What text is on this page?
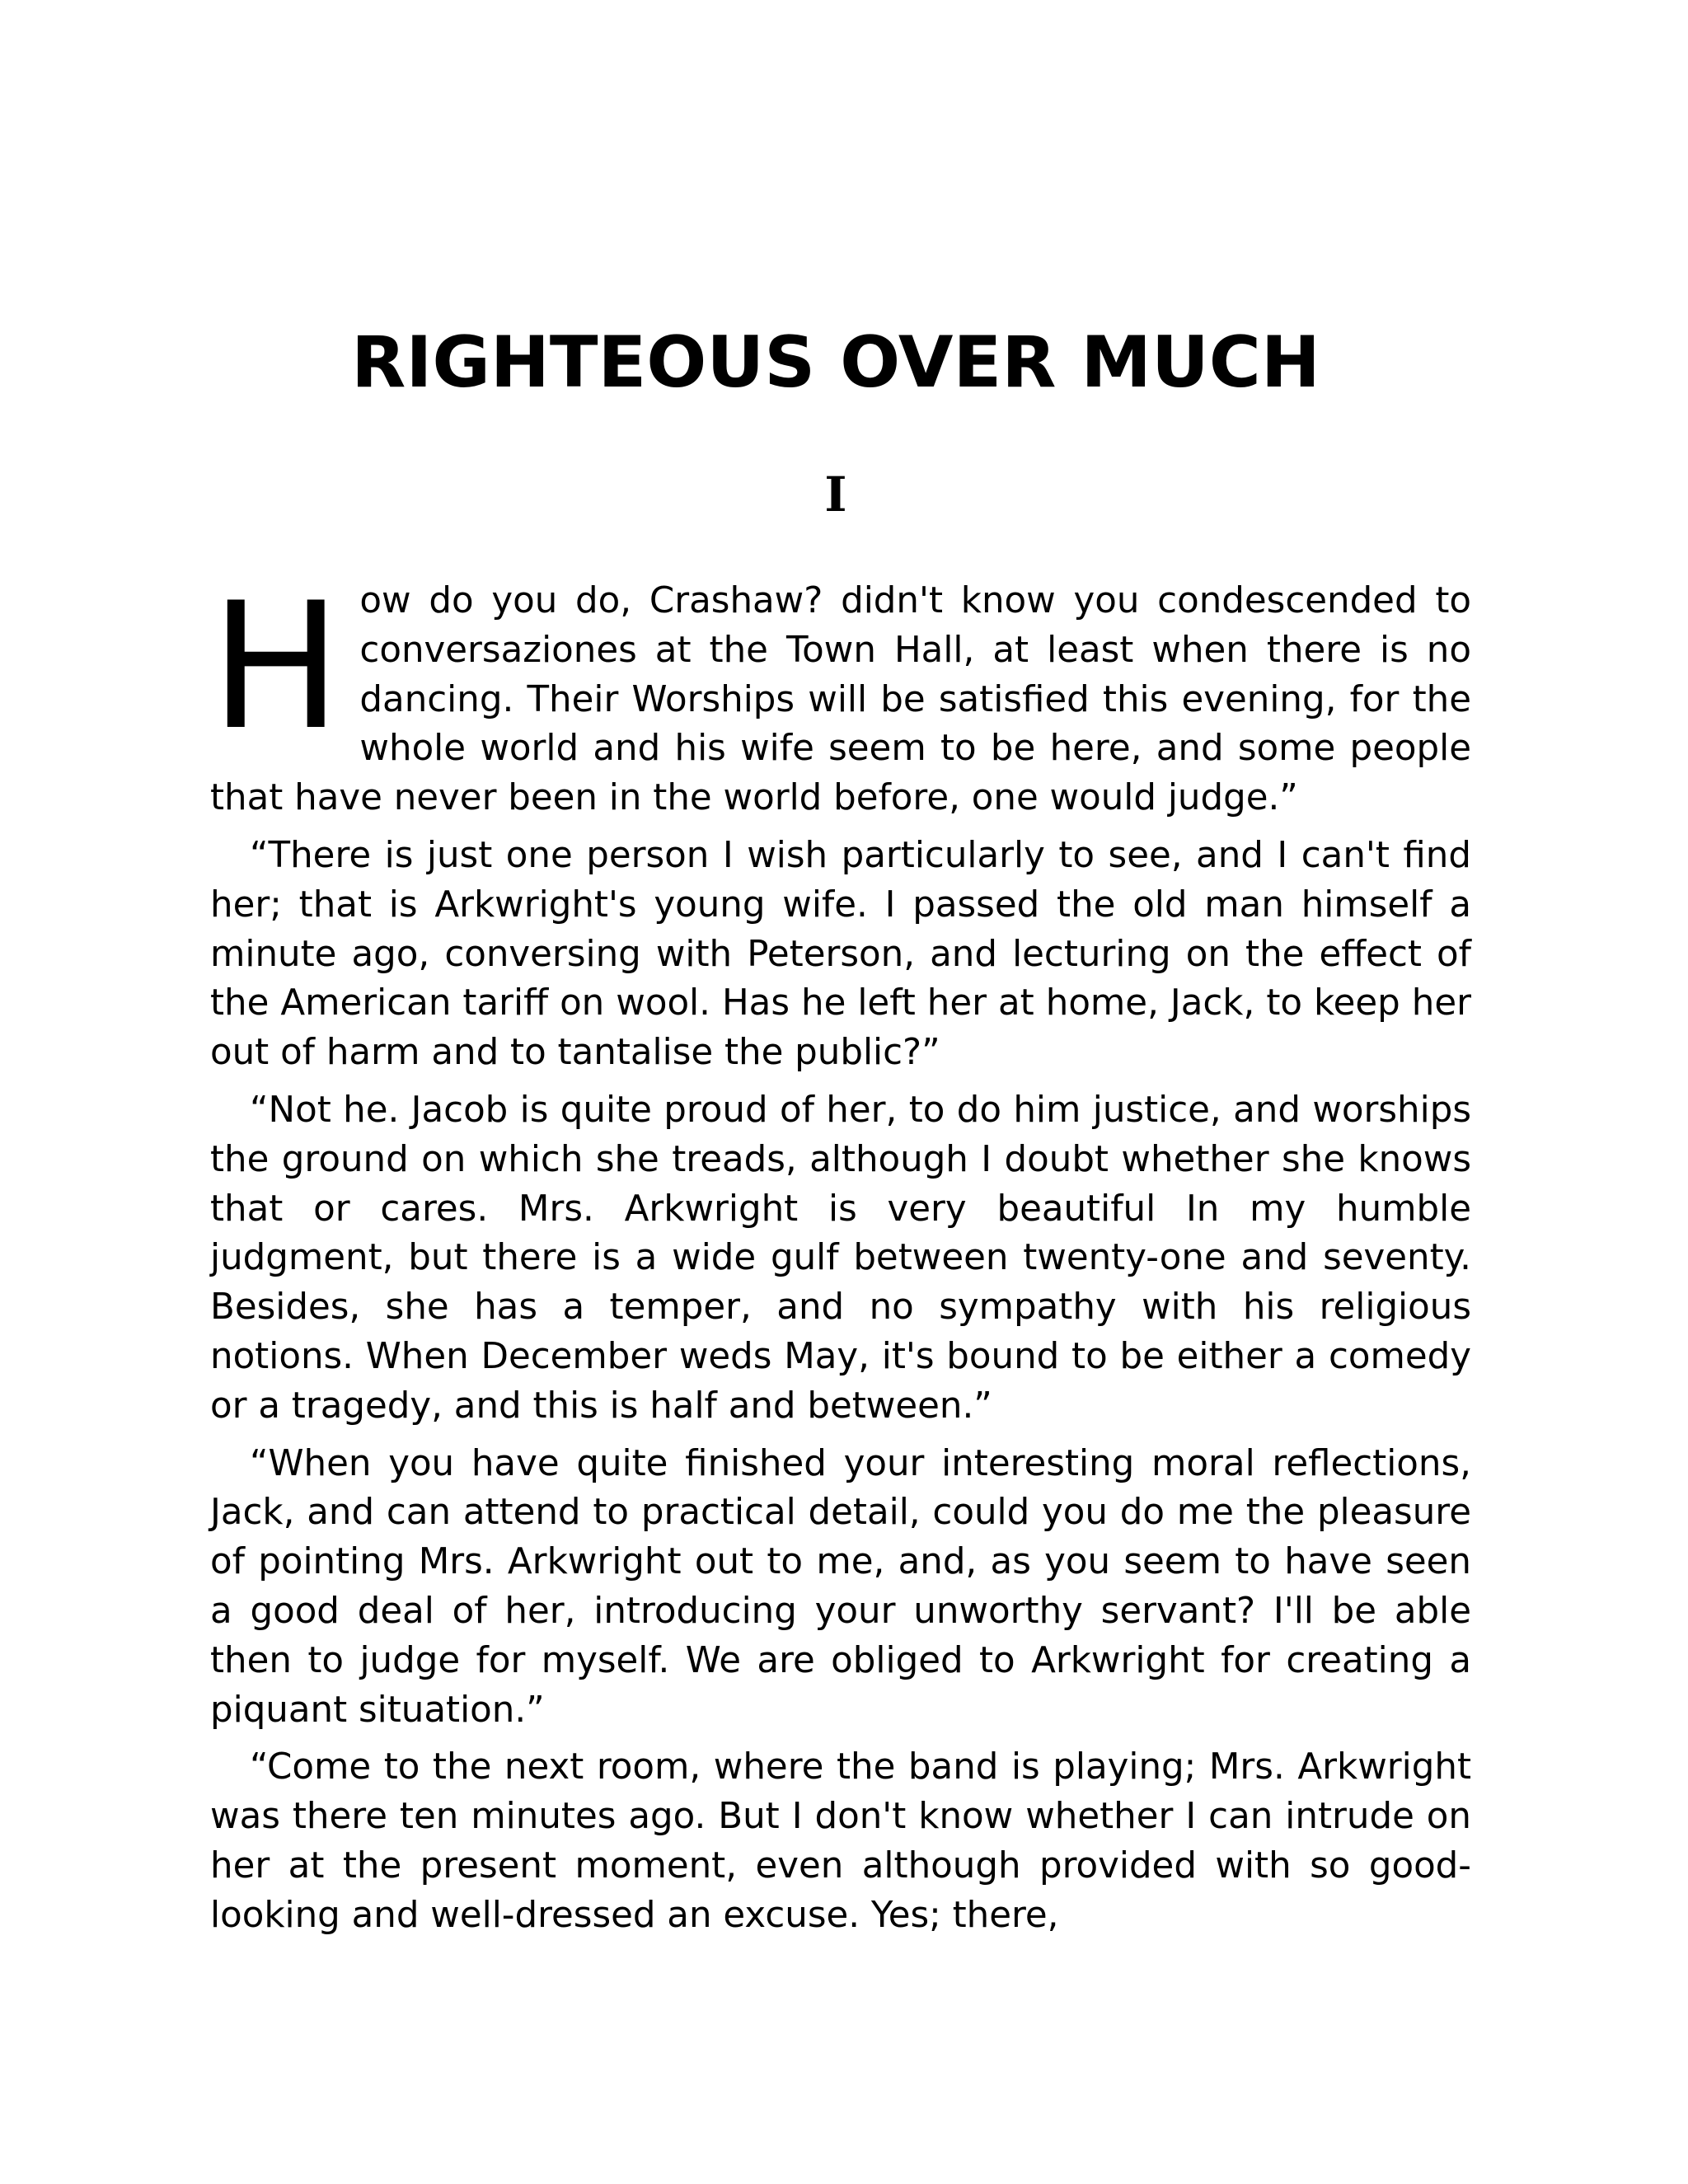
RIGHTEOUS OVER MUCH
I

How do you do, Crashaw? didn't know you condescended to conversaziones at the Town Hall, at least when there is no dancing. Their Worships will be satisfied this evening, for the whole world and his wife seem to be here, and some people that have never been in the world before, one would judge.”

“There is just one person I wish particularly to see, and I can't find her; that is Arkwright's young wife. I passed the old man himself a minute ago, conversing with Peterson, and lecturing on the effect of the American tariff on wool. Has he left her at home, Jack, to keep her out of harm and to tantalise the public?”

“Not he. Jacob is quite proud of her, to do him justice, and worships the ground on which she treads, although I doubt whether she knows that or cares. Mrs. Arkwright is very beautiful In my humble judgment, but there is a wide gulf between twenty-one and seventy. Besides, she has a temper, and no sympathy with his religious notions. When December weds May, it's bound to be either a comedy or a tragedy, and this is half and between.”

“When you have quite finished your interesting moral reflections, Jack, and can attend to practical detail, could you do me the pleasure of pointing Mrs. Arkwright out to me, and, as you seem to have seen a good deal of her, introducing your unworthy servant? I'll be able then to judge for myself. We are obliged to Arkwright for creating a piquant situation.”

“Come to the next room, where the band is playing; Mrs. Arkwright was there ten minutes ago. But I don't know whether I can intrude on her at the present moment, even although provided with so good-looking and well-dressed an excuse. Yes; there,
